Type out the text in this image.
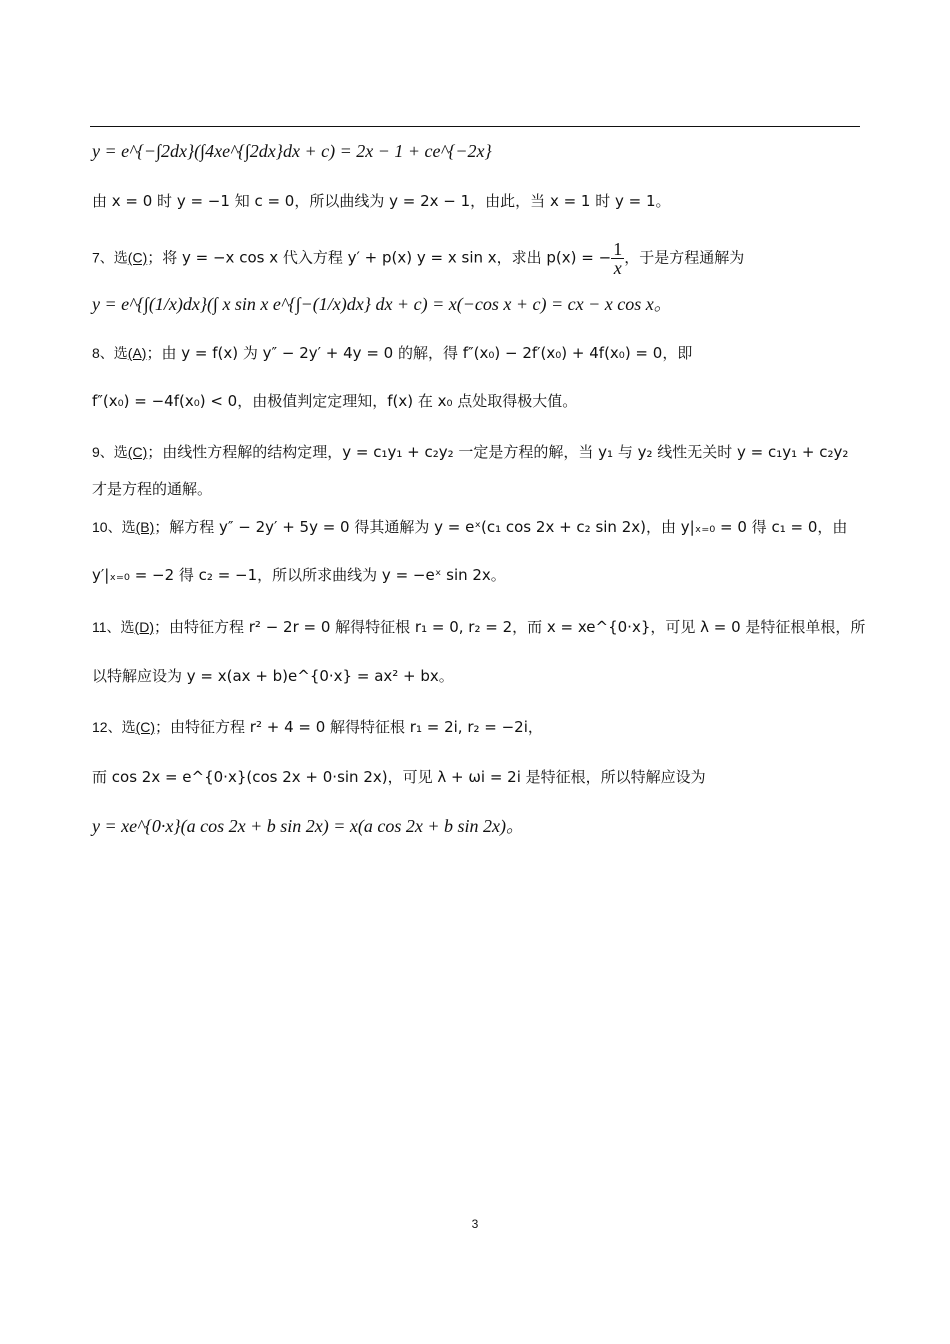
y = e^{−∫2dx}(∫4xe^{∫2dx}dx + c) = 2x − 1 + ce^{−2x}
由 x = 0 时 y = −1 知 c = 0，所以曲线为 y = 2x − 1，由此，当 x = 1 时 y = 1。
7、选(C)；将 y = −x cos x 代入方程 y′ + p(x) y = x sin x，求出 p(x) = − $\frac{1}{x}$ ，于是方程通解为
y = e^{∫(1/x)dx}(∫ x sin x e^{∫−(1/x)dx} dx + c) = x(−cos x + c) = cx − x cos x。
8、选(A)；由 y = f(x) 为 y″ − 2y′ + 4y = 0 的解，得 f″(x₀) − 2f′(x₀) + 4f(x₀) = 0，即
f″(x₀) = −4f(x₀) < 0，由极值判定定理知，f(x) 在 x₀ 点处取得极大值。
9、选(C)；由线性方程解的结构定理，y = c₁y₁ + c₂y₂ 一定是方程的解，当 y₁ 与 y₂ 线性无关时 y = c₁y₁ + c₂y₂
才是方程的通解。
10、选(B)；解方程 y″ − 2y′ + 5y = 0 得其通解为 y = eˣ(c₁ cos 2x + c₂ sin 2x)，由 y|ₓ₌₀ = 0 得 c₁ = 0，由
y′|ₓ₌₀ = −2 得 c₂ = −1，所以所求曲线为 y = −eˣ sin 2x。
11、选(D)；由特征方程 r² − 2r = 0 解得特征根 r₁ = 0, r₂ = 2，而 x = xe^{0·x}，可见 λ = 0 是特征根单根，所
以特解应设为 y = x(ax + b)e^{0·x} = ax² + bx。
12、选(C)；由特征方程 r² + 4 = 0 解得特征根 r₁ = 2i, r₂ = −2i，
而 cos 2x = e^{0·x}(cos 2x + 0·sin 2x)，可见 λ + ωi = 2i 是特征根，所以特解应设为
y = xe^{0·x}(a cos 2x + b sin 2x) = x(a cos 2x + b sin 2x)。
3
